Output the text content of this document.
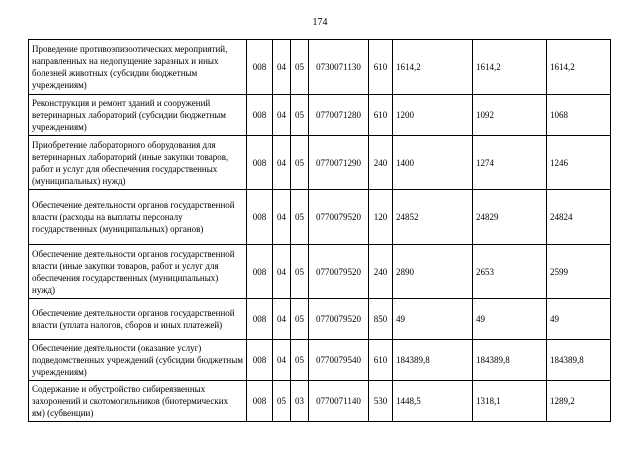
174
Проведение противоэпизоотических мероприятий, направленных на недопущение заразных и иных болезней животных (субсидии бюджетным учреждениям)	008	04	05	0730071130	610	1614,2	1614,2	1614,2
Реконструкция и ремонт зданий и сооружений ветеринарных лабораторий (субсидии бюджетным учреждениям)	008	04	05	0770071280	610	1200	1092	1068
Приобретение лабораторного оборудования для ветеринарных лабораторий (иные закупки товаров, работ и услуг для обеспечения государственных (муниципальных) нужд)	008	04	05	0770071290	240	1400	1274	1246
Обеспечение деятельности органов государственной власти (расходы на выплаты персоналу государственных (муниципальных) органов)	008	04	05	0770079520	120	24852	24829	24824
Обеспечение деятельности органов государственной власти (иные закупки товаров, работ и услуг для обеспечения государственных (муниципальных) нужд)	008	04	05	0770079520	240	2890	2653	2599
Обеспечение деятельности органов государственной власти (уплата налогов, сборов и иных платежей)	008	04	05	0770079520	850	49	49	49
Обеспечение деятельности (оказание услуг) подведомственных учреждений (субсидии бюджетным учреждениям)	008	04	05	0770079540	610	184389,8	184389,8	184389,8
Содержание и обустройство сибиреязвенных захоронений и скотомогильников (биотермических ям) (субвенции)	008	05	03	0770071140	530	1448,5	1318,1	1289,2
